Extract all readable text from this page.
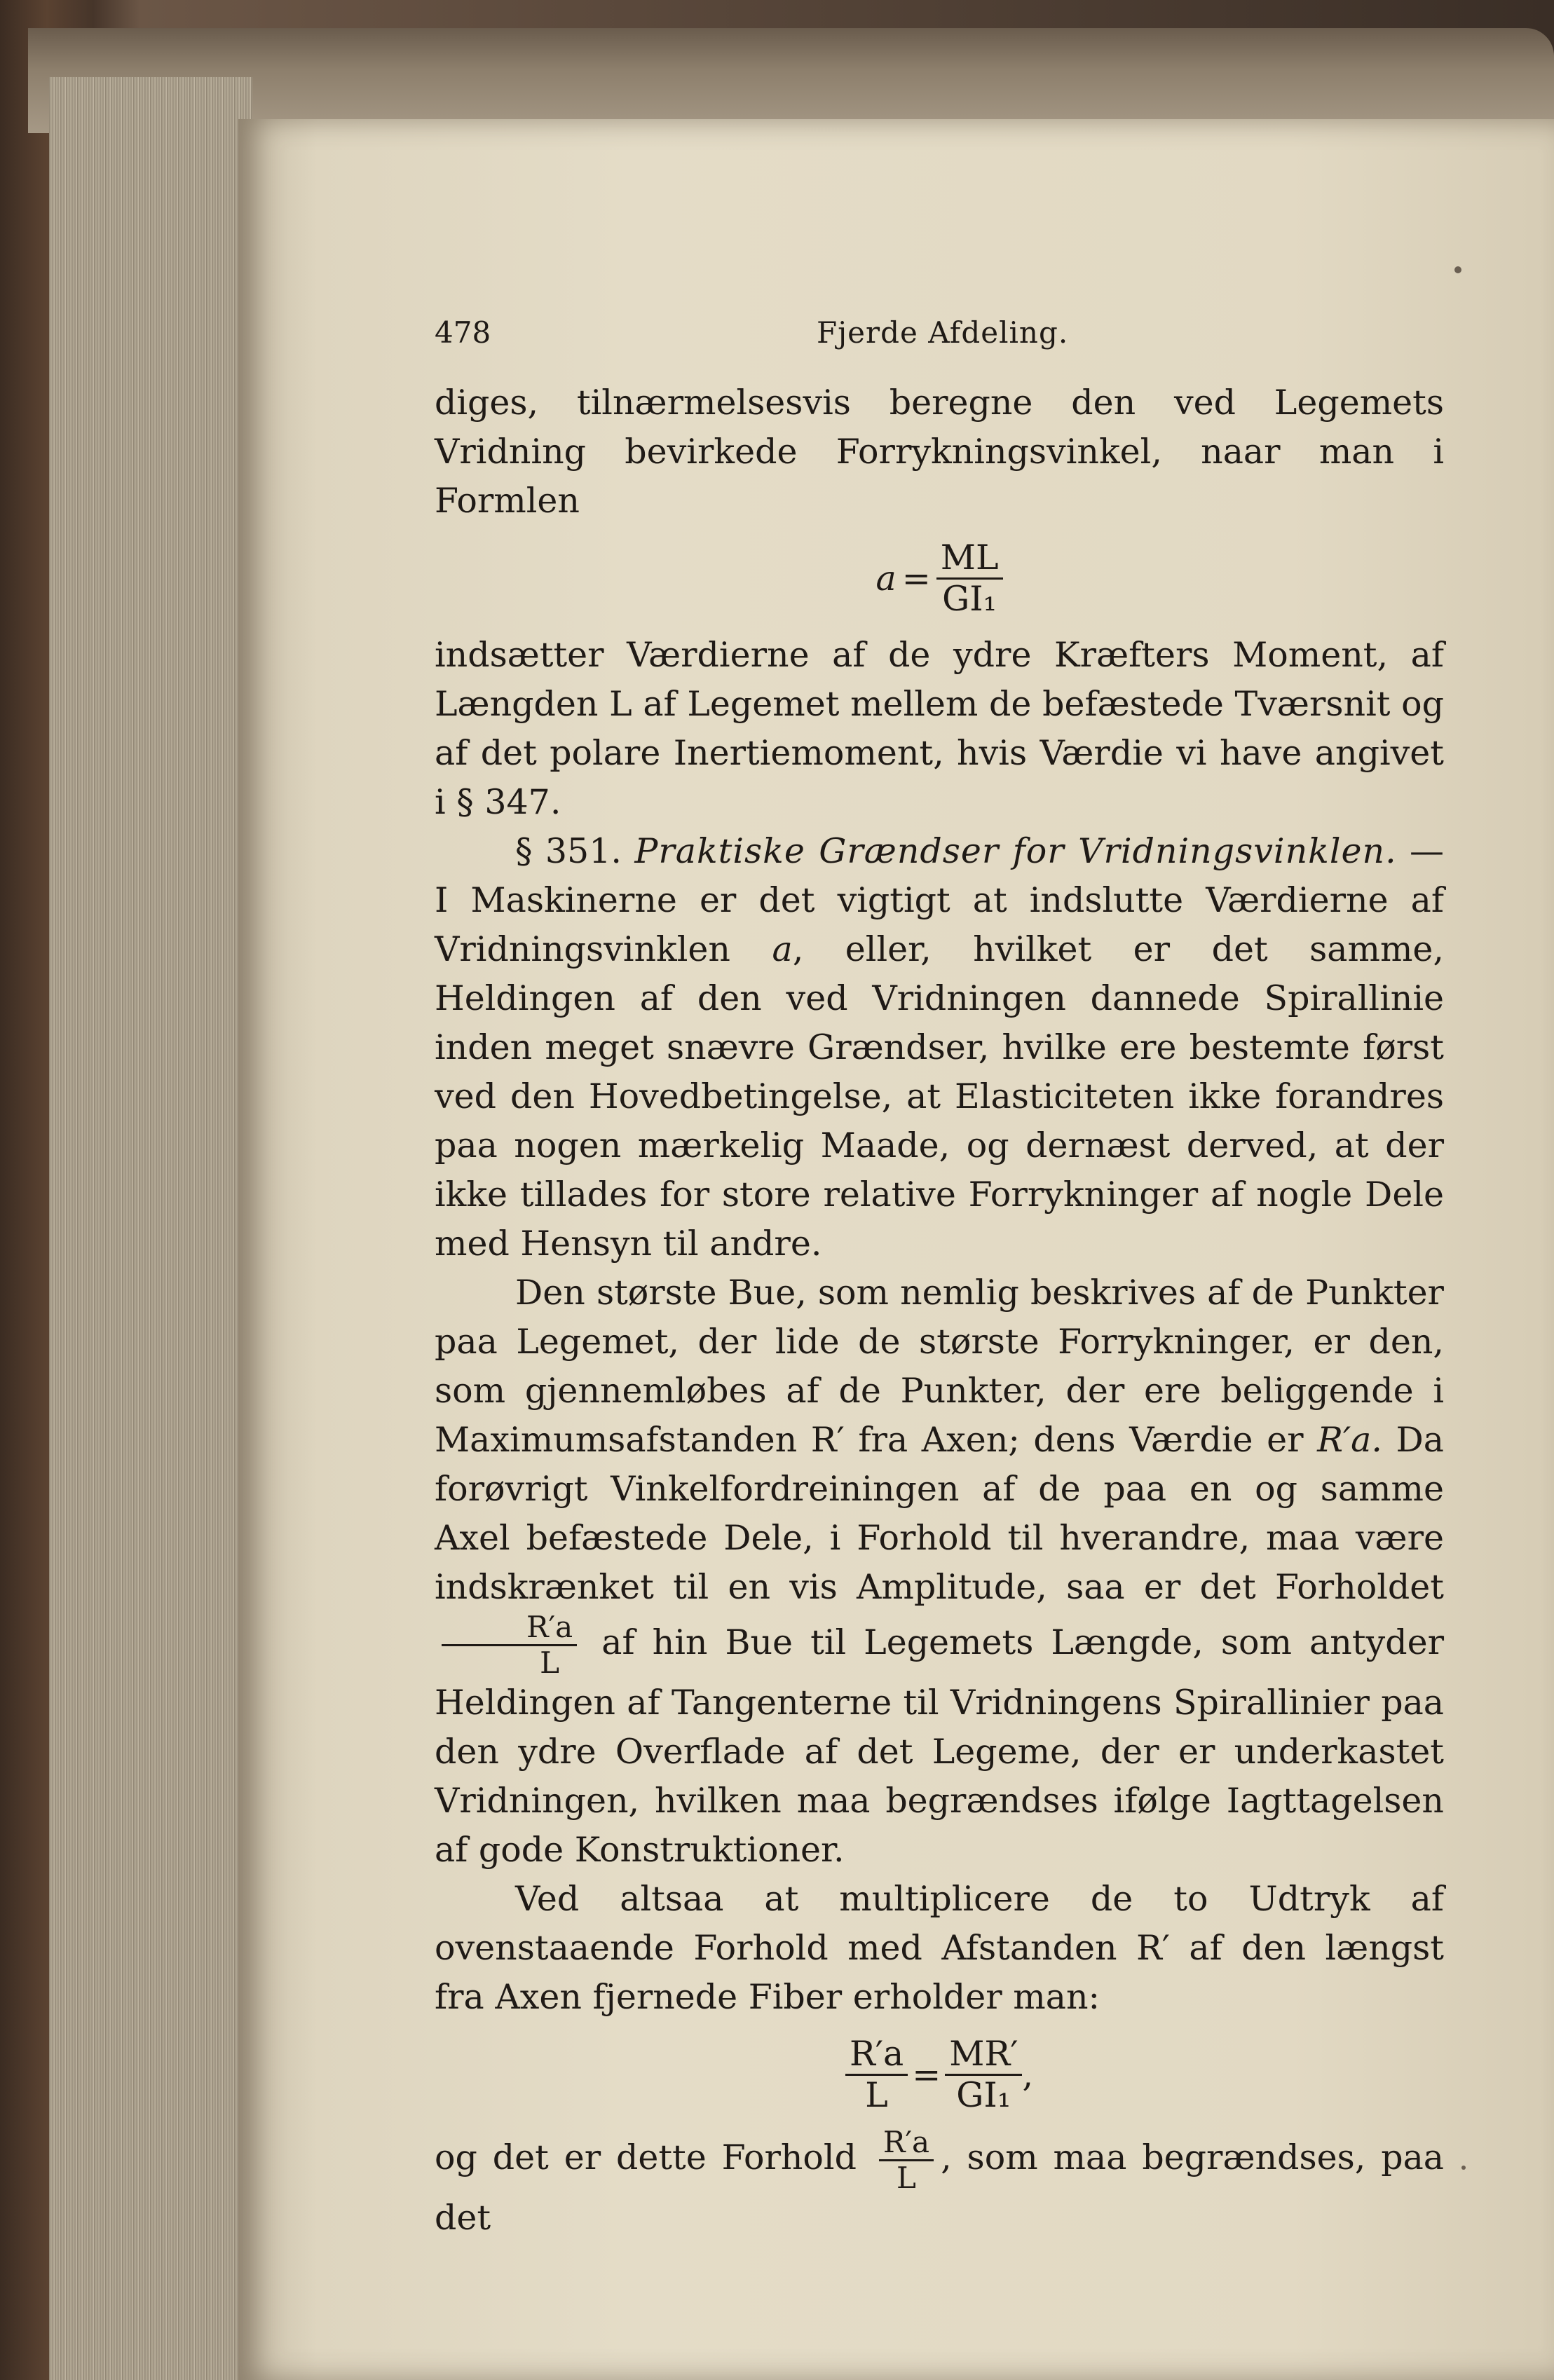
478	Fjerde Afdeling.

diges, tilnærmelsesvis beregne den ved Legemets Vridning bevirkede Forrykningsvinkel, naar man i Formlen

$a = \frac{ML}{\text{GI₁}}$

indsætter Værdierne af de ydre Kræfters Moment, af Længden L af Legemet mellem de befæstede Tværsnit og af det polare Inertiemoment, hvis Værdie vi have angivet i § 347.

§ 351. Praktiske Grændser for Vridningsvinklen. — I Maskinerne er det vigtigt at indslutte Værdierne af Vridningsvinklen a, eller, hvilket er det samme, Heldingen af den ved Vridningen dannede Spirallinie inden meget snævre Grændser, hvilke ere bestemte først ved den Hovedbetingelse, at Elasticiteten ikke forandres paa nogen mærkelig Maade, og dernæst derved, at der ikke tillades for store relative Forrykninger af nogle Dele med Hensyn til andre.

Den største Bue, som nemlig beskrives af de Punkter paa Legemet, der lide de største Forrykninger, er den, som gjennemløbes af de Punkter, der ere beliggende i Maximumsafstanden R′ fra Axen; dens Værdie er R′a. Da forøvrigt Vinkelfordreiningen af de paa en og samme Axel befæstede Dele, i Forhold til hverandre, maa være indskrænket til en vis Amplitude, saa er det Forholdet
$\frac{R'a}{L}$ af hin Bue til Legemets Længde, som antyder Heldingen af Tangenterne til Vridningens Spirallinier paa den ydre Overflade af det Legeme, der er underkastet Vridningen, hvilken maa begrændses ifølge Iagttagelsen af gode Konstruktioner.

Ved altsaa at multiplicere de to Udtryk af ovenstaaende Forhold med Afstanden R′ af den længst fra Axen fjernede Fiber erholder man:

$\frac{R'a}{L} = \frac{MR'}{\text{GI₁}}$ ,

og det er dette Forhold $\frac{R'a}{L}$ , som maa begrændses, paa det
